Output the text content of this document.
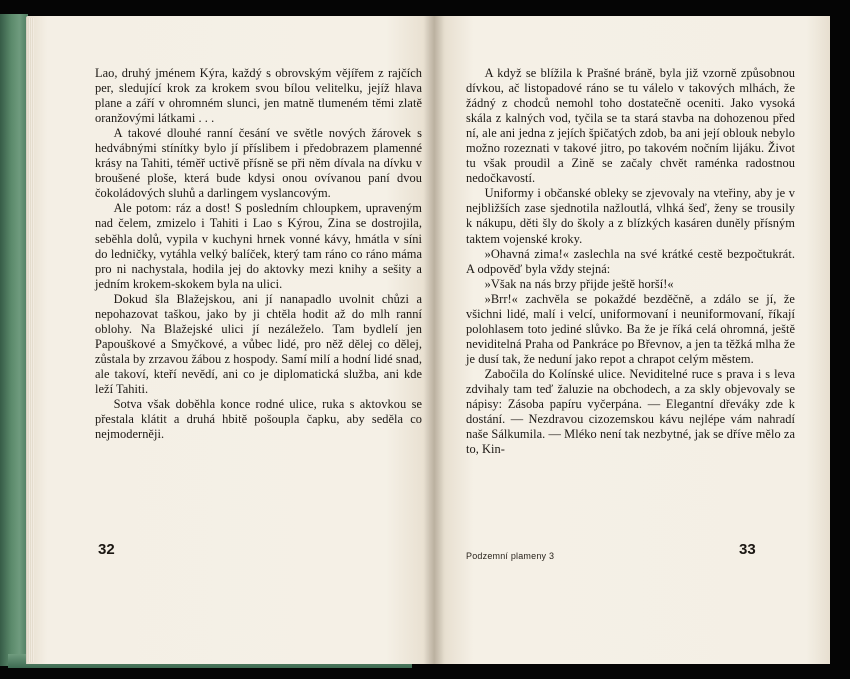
Lao, druhý jménem Kýra, každý s obrovským vějířem z rajčích per, sledující krok za krokem svou bílou velitelku, jejíž hlava plane a září v ohromném slunci, jen matně tlumeném těmi zlatě oranžovými látkami . . .

A takové dlouhé ranní česání ve světle nových žárovek s hedvábnými stínítky bylo jí příslibem i předobrazem plamenné krásy na Tahiti, téměř uctivě přísně se při něm dívala na dívku v broušené ploše, která bude kdysi onou ovívanou paní dvou čokoládových sluhů a darlingem vyslancovým.

Ale potom: ráz a dost! S posledním chloupkem, upraveným nad čelem, zmizelo i Tahiti i Lao s Kýrou, Zina se dostrojila, seběhla dolů, vypila v kuchyni hrnek vonné kávy, hmátla v síni do ledničky, vytáhla velký balíček, který tam ráno co ráno máma pro ni nachystala, hodila jej do aktovky mezi knihy a sešity a jedním krokem-skokem byla na ulici.

Dokud šla Blažejskou, ani jí nanapadlo uvolnit chůzi a nepohazovat taškou, jako by ji chtěla hodit až do mlh ranní oblohy. Na Blažejské ulici jí nezáleželo. Tam bydlelí jen Papouškové a Smyčkové, a vůbec lidé, pro něž dělej co dělej, zůstala by zrzavou žábou z hospody. Samí milí a hodní lidé snad, ale takoví, kteří nevědí, ani co je diplomatická služba, ani kde leží Tahiti.

Sotva však doběhla konce rodné ulice, ruka s aktovkou se přestala klátit a druhá hbitě pošoupla čapku, aby seděla co nejmoderněji.

32

A když se blížila k Prašné bráně, byla již vzorně způsobnou dívkou, ač listopadové ráno se tu válelo v takových mlhách, že žádný z chodců nemohl toho dostatečně oceniti. Jako vysoká skála z kalných vod, tyčila se ta stará stavba na dohozenou před ní, ale ani jedna z jejích špičatých zdob, ba ani její oblouk nebylo možno rozeznati v takové jitro, po takovém nočním lijáku. Život tu však proudil a Zině se začaly chvět raménka radostnou nedočkavostí.

Uniformy i občanské obleky se zjevovaly na vteřiny, aby je v nejbližších zase sjednotila nažloutlá, vlhká šeď, ženy se trousily k nákupu, děti šly do školy a z blízkých kasáren duněly přísným taktem vojenské kroky.

»Ohavná zima!« zaslechla na své krátké cestě bezpočtukrát. A odpověď byla vždy stejná:

»Však na nás brzy přijde ještě horší!«

»Brr!« zachvěla se pokaždé bezděčně, a zdálo se jí, že všichni lidé, malí i velcí, uniformovaní i neuniformovaní, říkají polohlasem toto jediné slůvko. Ba že je říká celá ohromná, ještě neviditelná Praha od Pankráce po Břevnov, a jen ta těžká mlha že je dusí tak, že neduní jako repot a chrapot celým městem.

Zabočila do Kolínské ulice. Neviditelné ruce s prava i s leva zdvihaly tam teď žaluzie na obchodech, a za skly objevovaly se nápisy: Zásoba papíru vyčerpána. — Elegantní dřeváky zde k dostání. — Nezdravou cizozemskou kávu nejlépe vám nahradí naše Sálkumila. — Mléko není tak nezbytné, jak se dříve mělo za to, Kin-

Podzemní plameny 3	33
